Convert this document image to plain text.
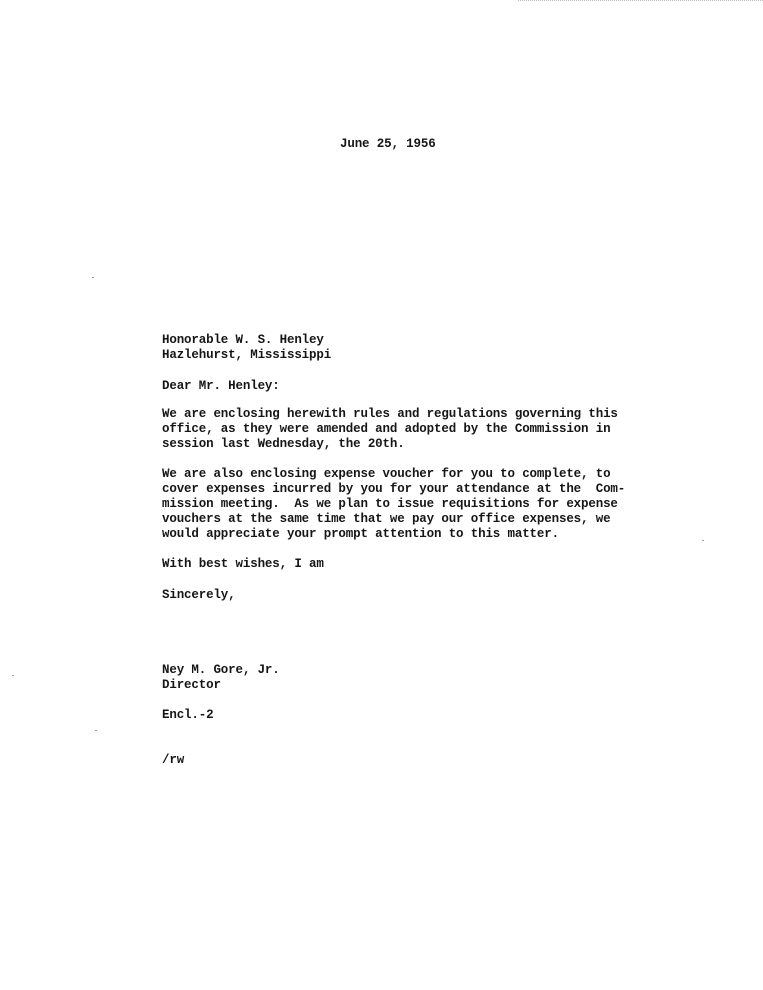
June 25, 1956
Honorable W. S. Henley
Hazlehurst, Mississippi
Dear Mr. Henley:
We are enclosing herewith rules and regulations governing this
office, as they were amended and adopted by the Commission in
session last Wednesday, the 20th.
We are also enclosing expense voucher for you to complete, to
cover expenses incurred by you for your attendance at the  Com-
mission meeting.  As we plan to issue requisitions for expense
vouchers at the same time that we pay our office expenses, we
would appreciate your prompt attention to this matter.
With best wishes, I am
Sincerely,
Ney M. Gore, Jr.
Director
Encl.-2
/rw
